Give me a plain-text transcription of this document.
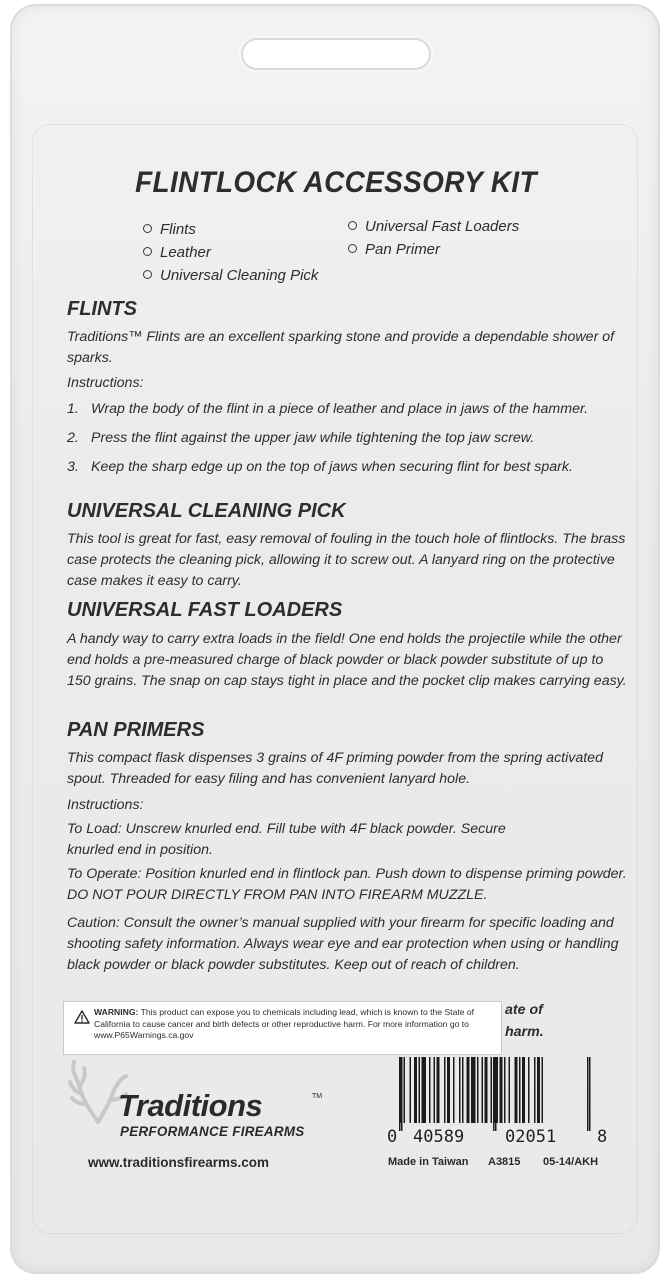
FLINTLOCK ACCESSORY KIT
Flints
Leather
Universal Cleaning Pick
Universal Fast Loaders
Pan Primer
FLINTS
Traditions™ Flints are an excellent sparking stone and provide a dependable shower of sparks.
Instructions:
1. Wrap the body of the flint in a piece of leather and place in jaws of the hammer.
2. Press the flint against the upper jaw while tightening the top jaw screw.
3. Keep the sharp edge up on the top of jaws when securing flint for best spark.
UNIVERSAL CLEANING PICK
This tool is great for fast, easy removal of fouling in the touch hole of flintlocks. The brass case protects the cleaning pick, allowing it to screw out. A lanyard ring on the protective case makes it easy to carry.
UNIVERSAL FAST LOADERS
A handy way to carry extra loads in the field! One end holds the projectile while the other end holds a pre-measured charge of black powder or black powder substitute of up to 150 grains. The snap on cap stays tight in place and the pocket clip makes carrying easy.
PAN PRIMERS
This compact flask dispenses 3 grains of 4F priming powder from the spring activated spout. Threaded for easy filing and has convenient lanyard hole.
Instructions:
To Load: Unscrew knurled end. Fill tube with 4F black powder. Secure knurled end in position.
To Operate: Position knurled end in flintlock pan. Push down to dispense priming powder. DO NOT POUR DIRECTLY FROM PAN INTO FIREARM MUZZLE.
Caution: Consult the owner’s manual supplied with your firearm for specific loading and shooting safety information. Always wear eye and ear protection when using or handling black powder or black powder substitutes. Keep out of reach of children.
ate of
harm.
WARNING: This product can expose you to chemicals including lead, which is known to the State of California to cause cancer and birth defects or other reproductive harm. For more information go to www.P65Warnings.ca.gov
Traditions	TM
PERFORMANCE FIREARMS
www.traditionsfirearms.com
0 40589 02051 8
Made in Taiwan A3815 05-14/AKH
